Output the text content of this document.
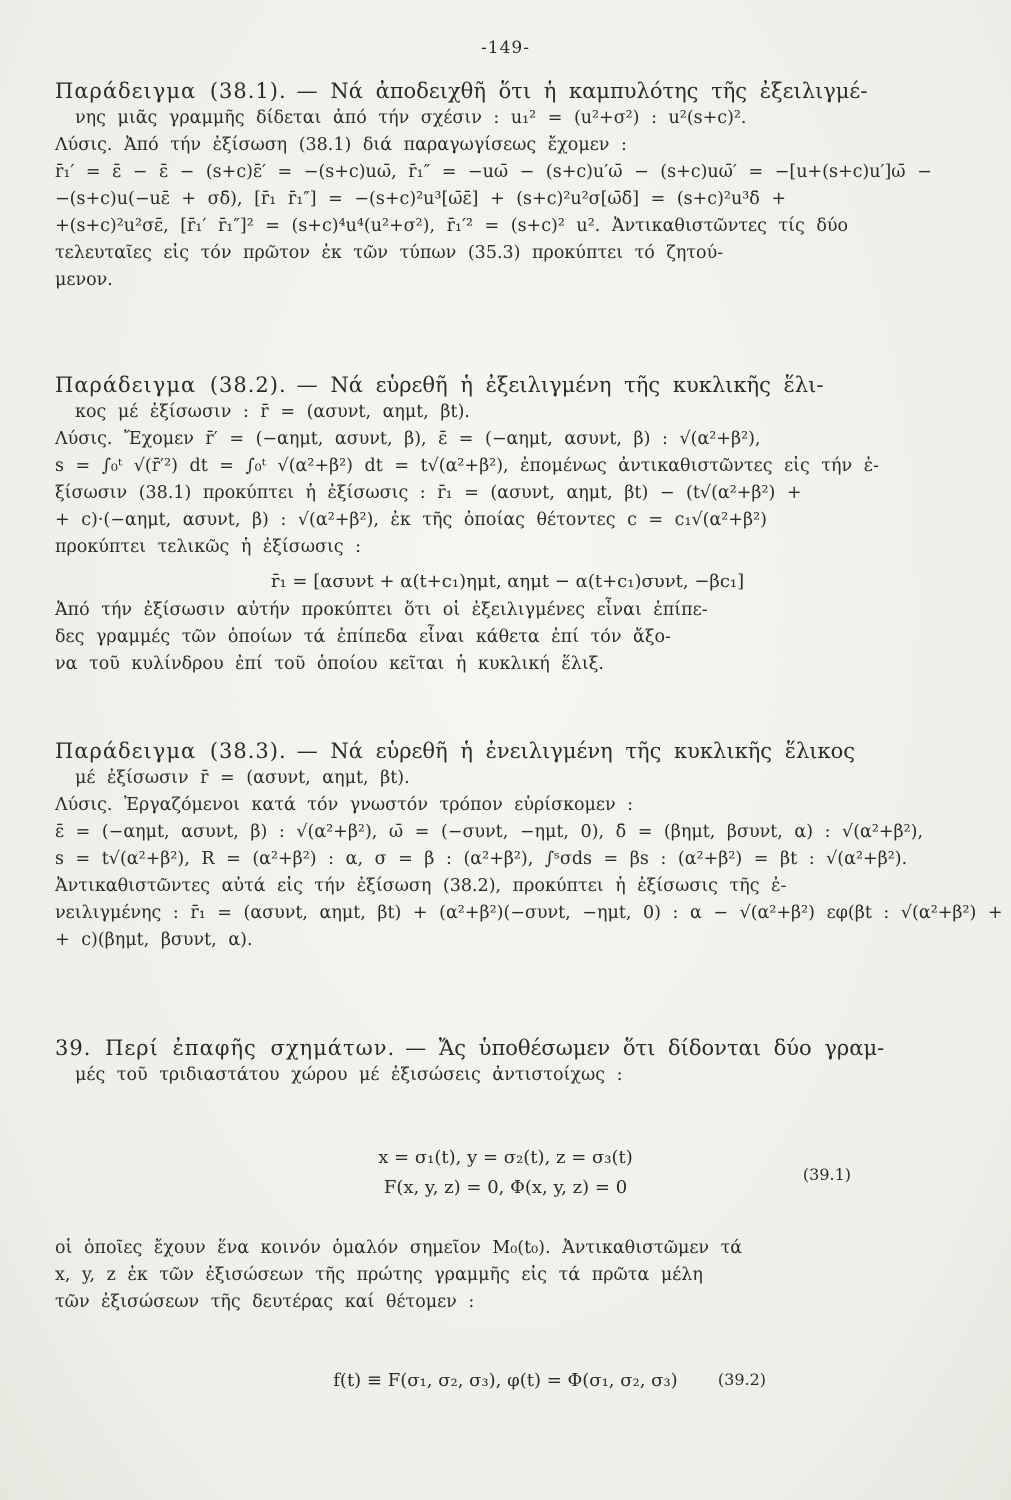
-149-
Παράδειγμα (38.1). — Νά ἀποδειχθῆ ὅτι ἡ καμπυλότης τῆς ἐξειλιγμέ-
νης μιᾶς γραμμῆς δίδεται ἀπό τήν σχέσιν : u₁² = (u²+σ²) : u²(s+c)².
Λύσις. Ἀπό τήν ἐξίσωση (38.1) διά παραγωγίσεως ἔχομεν :
r̄₁′ = ε̄ − ε̄ − (s+c)ε̄′ = −(s+c)uω̄, r̄₁″ = −uω̄ − (s+c)u′ω̄ − (s+c)uω̄′ = −[u+(s+c)u′]ω̄ −
−(s+c)u(−uε̄ + σδ̄), [r̄₁ r̄₁″] = −(s+c)²u³[ω̄ε̄] + (s+c)²u²σ[ω̄δ̄] = (s+c)²u³δ̄ +
+(s+c)²u²σε̄, [r̄₁′ r̄₁″]² = (s+c)⁴u⁴(u²+σ²), r̄₁′² = (s+c)² u². Ἀντικαθιστῶντες τίς δύο
τελευταῖες εἰς τόν πρῶτον ἐκ τῶν τύπων (35.3) προκύπτει τό ζητού-
μενον.
Παράδειγμα (38.2). — Νά εὑρεθῆ ἡ ἐξειλιγμένη τῆς κυκλικῆς ἕλι-
κος μέ ἐξίσωσιν : r̄ = (ασυνt, αημt, βt).
Λύσις. Ἔχομεν r̄′ = (−αημt, ασυνt, β), ε̄ = (−αημt, ασυνt, β) : √(α²+β²),
s = ∫₀ᵗ √(r̄′²) dt = ∫₀ᵗ √(α²+β²) dt = t√(α²+β²), ἐπομένως ἀντικαθιστῶντες εἰς τήν ἐ-
ξίσωσιν (38.1) προκύπτει ἡ ἐξίσωσις : r̄₁ = (ασυνt, αημt, βt) − (t√(α²+β²) +
+ c)·(−αημt, ασυνt, β) : √(α²+β²), ἐκ τῆς ὁποίας θέτοντες c = c₁√(α²+β²)
προκύπτει τελικῶς ἡ ἐξίσωσις :
r̄₁ = [ασυνt + α(t+c₁)ημt, αημt − α(t+c₁)συνt, −βc₁]
Ἀπό τήν ἐξίσωσιν αὐτήν προκύπτει ὅτι οἱ ἐξειλιγμένες εἶναι ἐπίπε-
δες γραμμές τῶν ὁποίων τά ἐπίπεδα εἶναι κάθετα ἐπί τόν ἄξο-
να τοῦ κυλίνδρου ἐπί τοῦ ὁποίου κεῖται ἡ κυκλική ἕλιξ.
Παράδειγμα (38.3). — Νά εὑρεθῆ ἡ ἐνειλιγμένη τῆς κυκλικῆς ἕλικος
μέ ἐξίσωσιν r̄ = (ασυνt, αημt, βt).
Λύσις. Ἐργαζόμενοι κατά τόν γνωστόν τρόπον εὑρίσκομεν :
ε̄ = (−αημt, ασυνt, β) : √(α²+β²), ω̄ = (−συνt, −ημt, 0), δ̄ = (βημt, βσυνt, α) : √(α²+β²),
s = t√(α²+β²), R = (α²+β²) : α, σ = β : (α²+β²), ∫ˢσds = βs : (α²+β²) = βt : √(α²+β²).
Ἀντικαθιστῶντες αὐτά εἰς τήν ἐξίσωση (38.2), προκύπτει ἡ ἐξίσωσις τῆς ἐ-
νειλιγμένης : r̄₁ = (ασυνt, αημt, βt) + (α²+β²)(−συνt, −ημt, 0) : α − √(α²+β²) εφ(βt : √(α²+β²) +
+ c)(βημt, βσυνt, α).
39. Περί ἐπαφῆς σχημάτων. — Ἄς ὑποθέσωμεν ὅτι δίδονται δύο γραμ-
μές τοῦ τριδιαστάτου χώρου μέ ἐξισώσεις ἀντιστοίχως :
x = σ₁(t), y = σ₂(t), z = σ₃(t)
F(x, y, z) = 0, Φ(x, y, z) = 0
(39.1)
οἱ ὁποῖες ἔχουν ἕνα κοινόν ὁμαλόν σημεῖον M₀(t₀). Ἀντικαθιστῶμεν τά
x, y, z ἐκ τῶν ἐξισώσεων τῆς πρώτης γραμμῆς εἰς τά πρῶτα μέλη
τῶν ἐξισώσεων τῆς δευτέρας καί θέτομεν :
f(t) ≡ F(σ₁, σ₂, σ₃), φ(t) = Φ(σ₁, σ₂, σ₃)	(39.2)
